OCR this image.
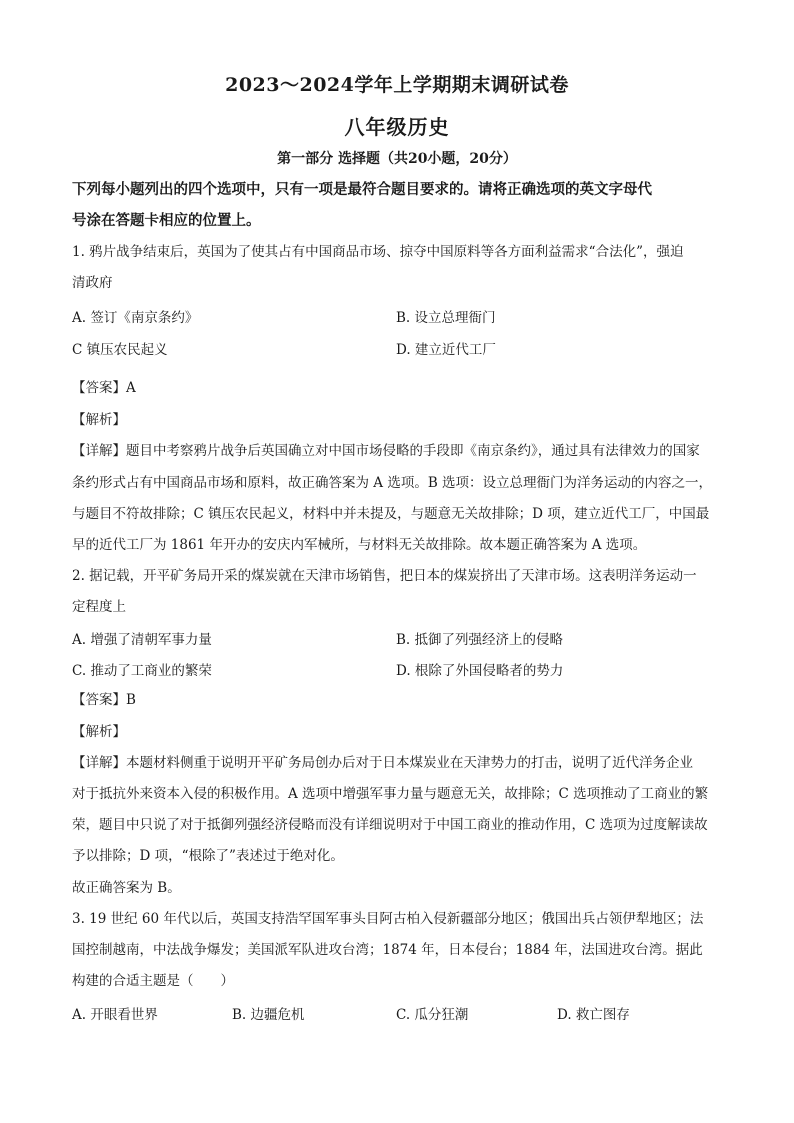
2023～2024学年上学期期末调研试卷
八年级历史
第一部分 选择题（共20小题，20分）
下列每小题列出的四个选项中，只有一项是最符合题目要求的。请将正确选项的英文字母代
号涂在答题卡相应的位置上。
1. 鸦片战争结束后，英国为了使其占有中国商品市场、掠夺中国原料等各方面利益需求“合法化”，强迫
清政府
A. 签订《南京条约》	B. 设立总理衙门
C 镇压农民起义	D. 建立近代工厂
【答案】A
【解析】
【详解】题目中考察鸦片战争后英国确立对中国市场侵略的手段即《南京条约》，通过具有法律效力的国家
条约形式占有中国商品市场和原料，故正确答案为 A 选项。B 选项：设立总理衙门为洋务运动的内容之一，
与题目不符故排除；C 镇压农民起义，材料中并未提及，与题意无关故排除；D 项，建立近代工厂，中国最
早的近代工厂为 1861 年开办的安庆内军械所，与材料无关故排除。故本题正确答案为 A 选项。
2. 据记载，开平矿务局开采的煤炭就在天津市场销售，把日本的煤炭挤出了天津市场。这表明洋务运动一
定程度上
A. 增强了清朝军事力量	B. 抵御了列强经济上的侵略
C. 推动了工商业的繁荣	D. 根除了外国侵略者的势力
【答案】B
【解析】
【详解】本题材料侧重于说明开平矿务局创办后对于日本煤炭业在天津势力的打击，说明了近代洋务企业
对于抵抗外来资本入侵的积极作用。A 选项中增强军事力量与题意无关，故排除；C 选项推动了工商业的繁
荣，题目中只说了对于抵御列强经济侵略而没有详细说明对于中国工商业的推动作用，C 选项为过度解读故
予以排除；D 项，“根除了”表述过于绝对化。
故正确答案为 B。
3. 19 世纪 60 年代以后，英国支持浩罕国军事头目阿古柏入侵新疆部分地区；俄国出兵占领伊犁地区；法
国控制越南，中法战争爆发；美国派军队进攻台湾；1874 年，日本侵台；1884 年，法国进攻台湾。据此
构建的合适主题是（　　）
A. 开眼看世界	B. 边疆危机	C. 瓜分狂潮	D. 救亡图存
